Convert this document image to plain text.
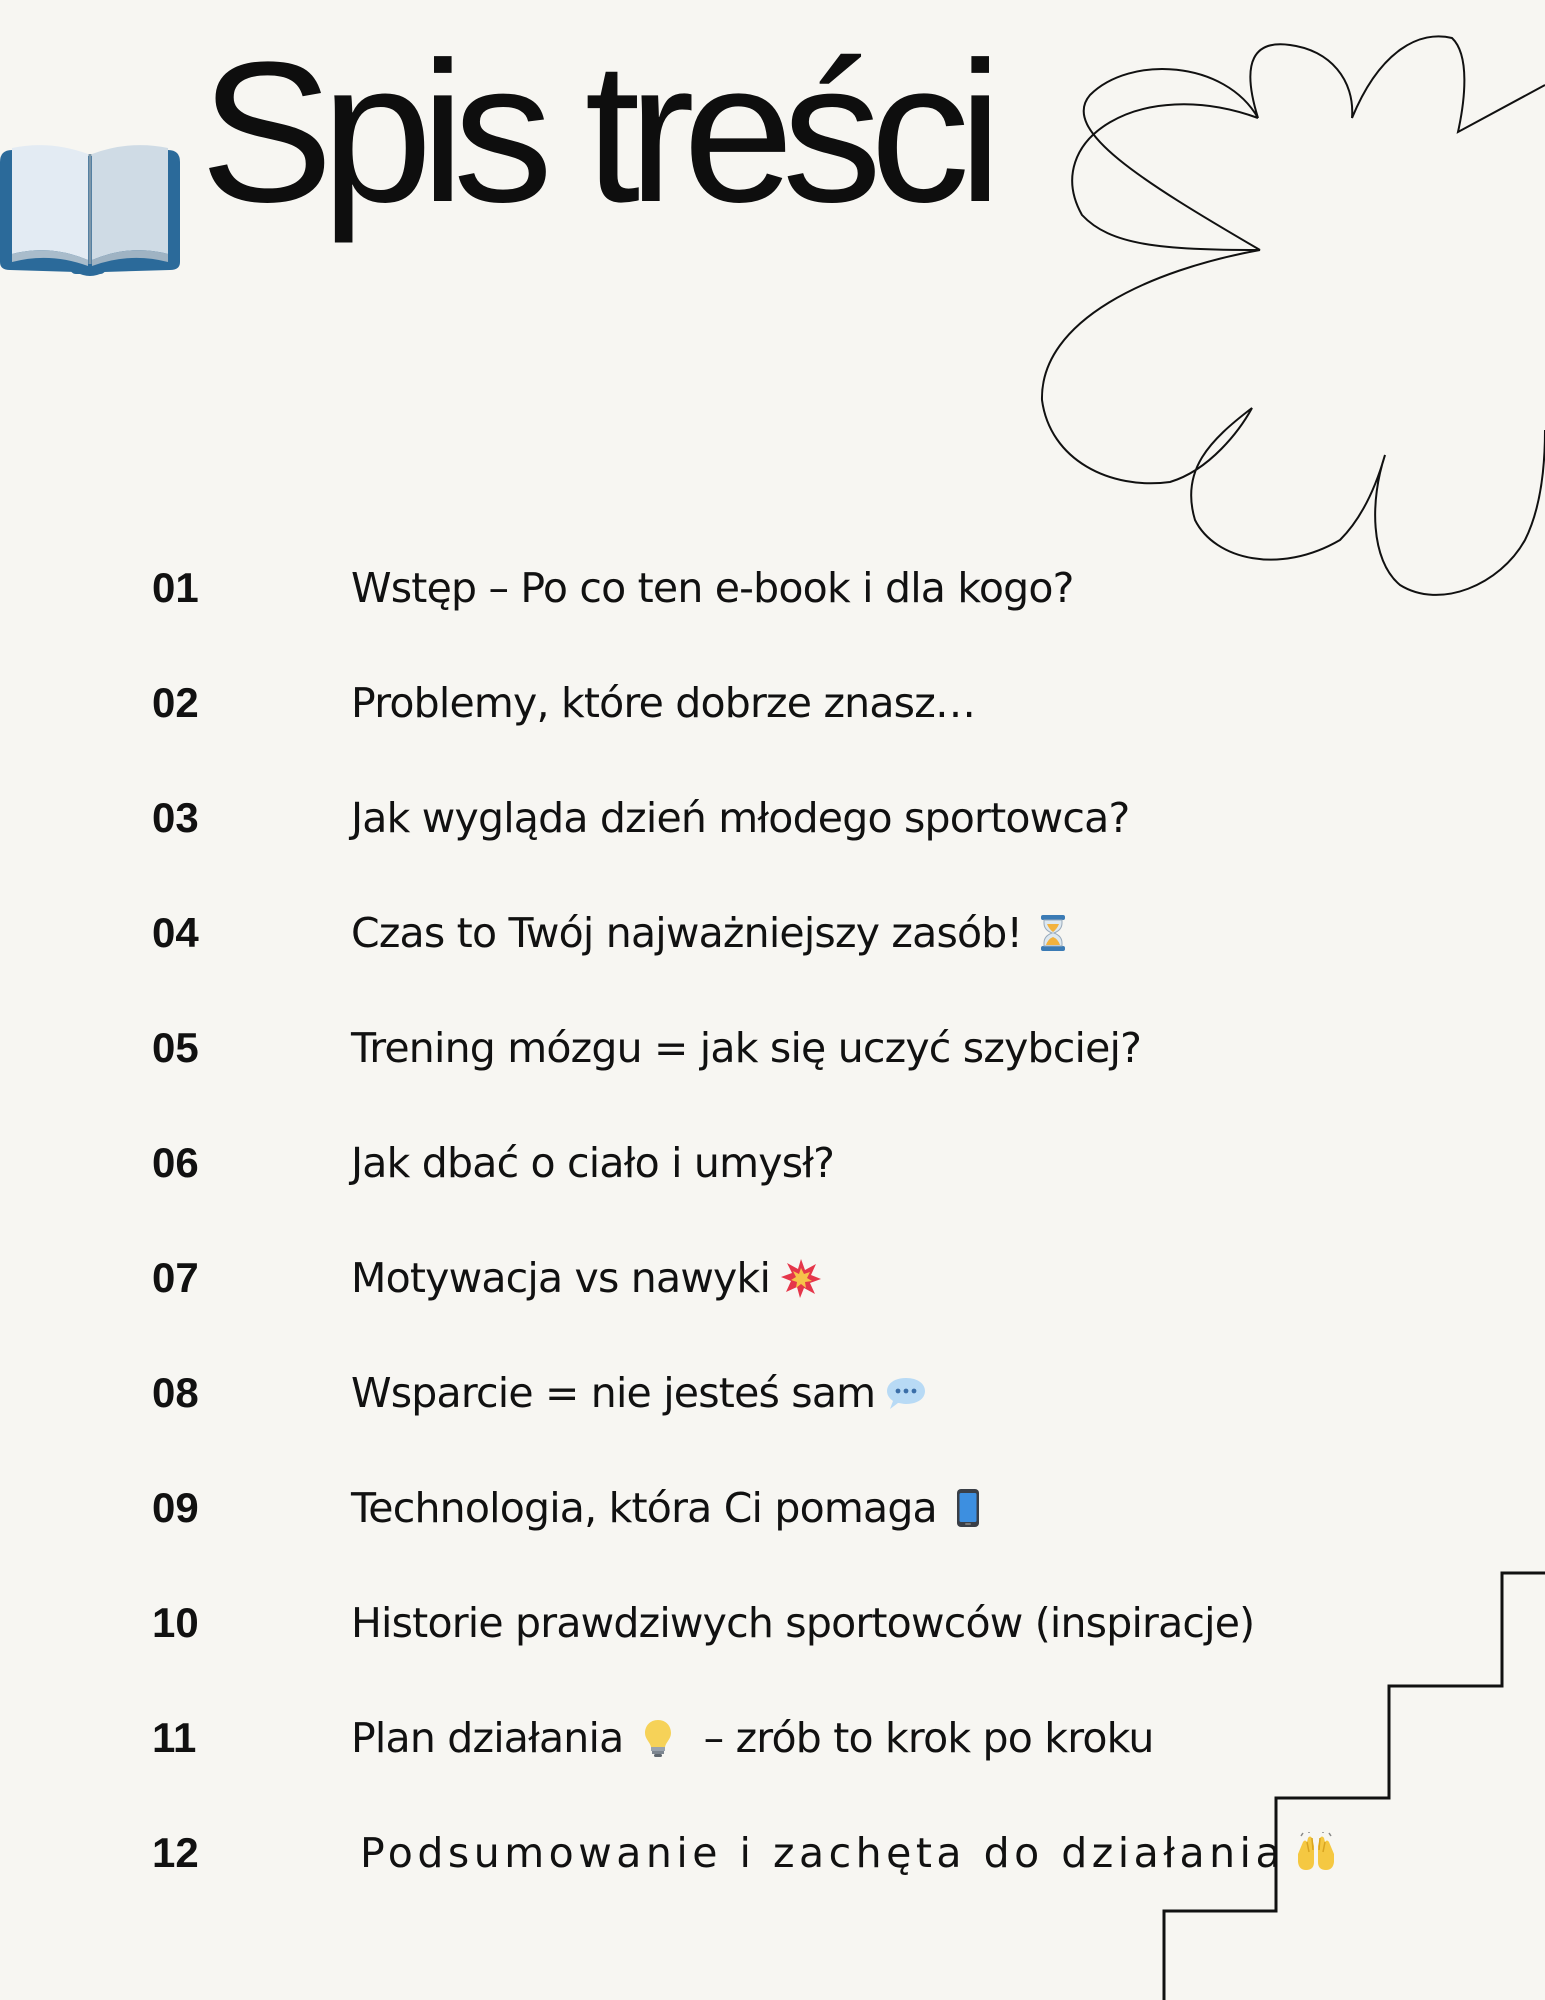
Spis treści
01	Wstęp – Po co ten e-book i dla kogo?
02	Problemy, które dobrze znasz…
03	Jak wygląda dzień młodego sportowca?
04	Czas to Twój najważniejszy zasób!
05	Trening mózgu = jak się uczyć szybciej?
06	Jak dbać o ciało i umysł?
07	Motywacja vs nawyki
08	Wsparcie = nie jesteś sam
09	Technologia, która Ci pomaga
10	Historie prawdziwych sportowców (inspiracje)
11	Plan działania – zrób to krok po kroku
12	Podsumowanie i zachęta do działania
